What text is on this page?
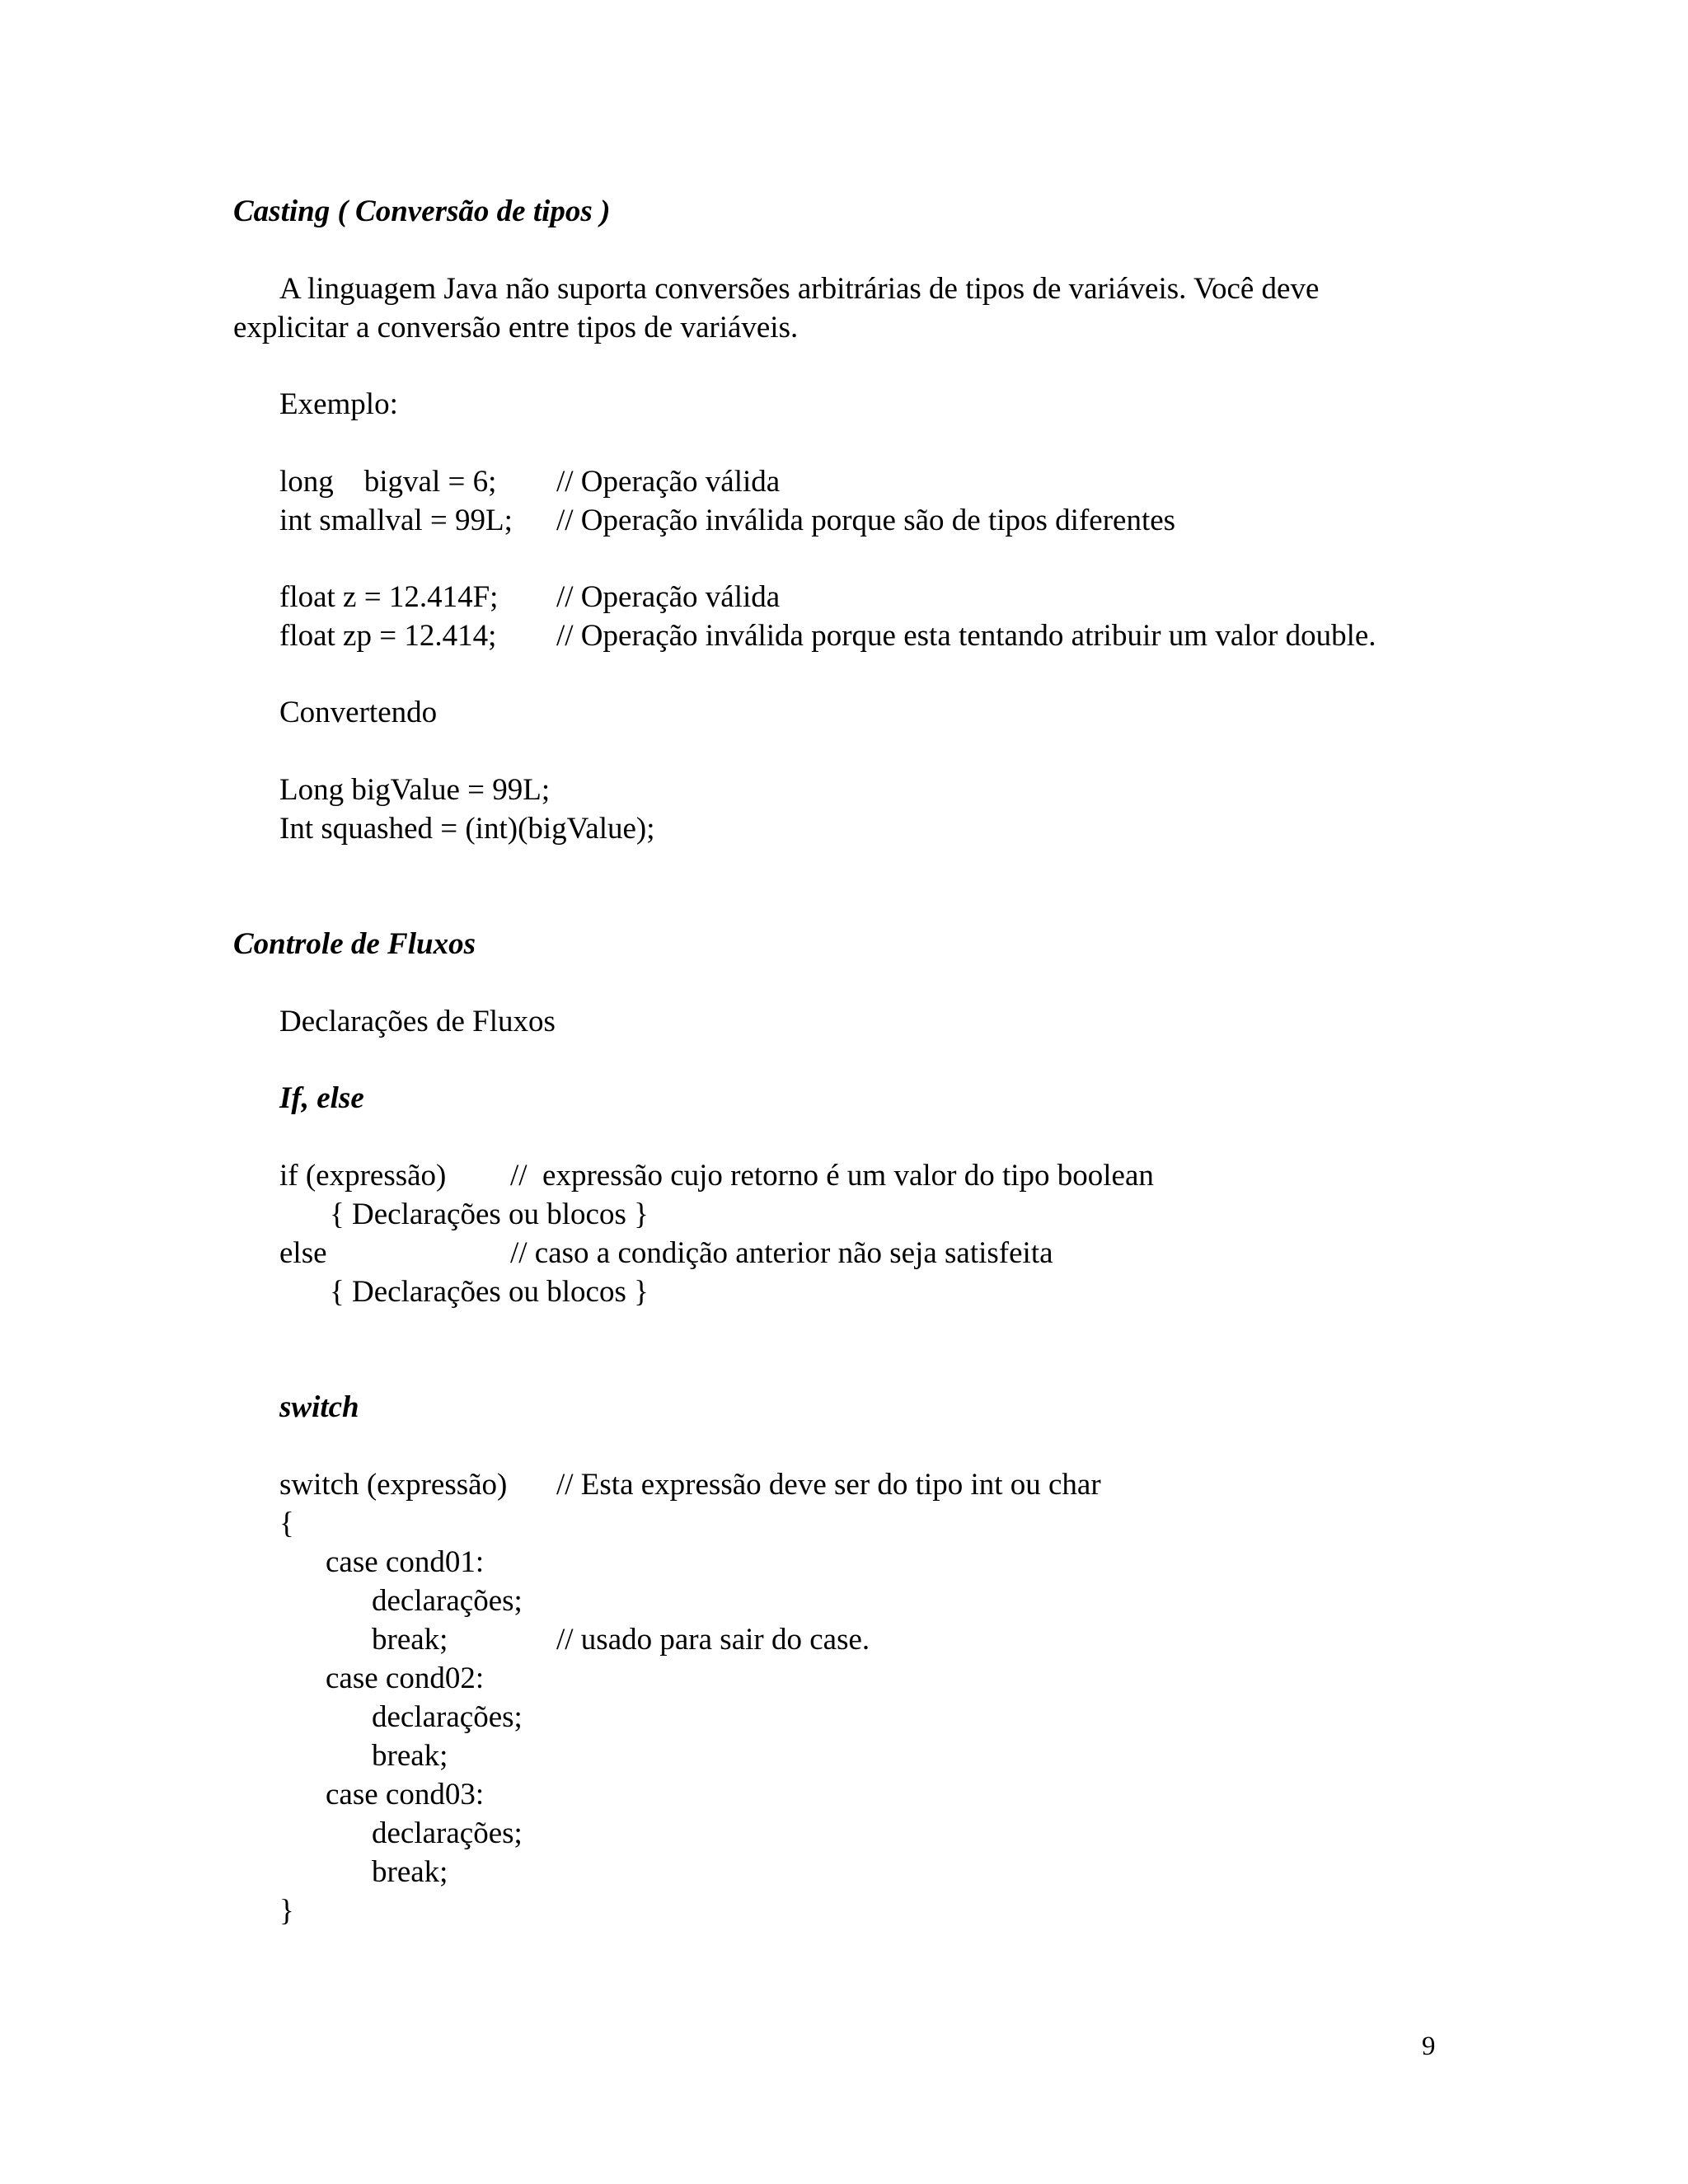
Casting ( Conversão de tipos )
A linguagem Java não suporta conversões arbitrárias de tipos de variáveis. Você deve
explicitar a conversão entre tipos de variáveis.
Exemplo:
long    bigval = 6; // Operação válida
int smallval = 99L; // Operação inválida porque são de tipos diferentes
float z = 12.414F; // Operação válida
float zp = 12.414; // Operação inválida porque esta tentando atribuir um valor double.
Convertendo
Long bigValue = 99L;
Int squashed = (int)(bigValue);
Controle de Fluxos
Declarações de Fluxos
If, else
if (expressão) //  expressão cujo retorno é um valor do tipo boolean
{ Declarações ou blocos }
else	// caso a condição anterior não seja satisfeita
{ Declarações ou blocos }
switch
switch (expressão) // Esta expressão deve ser do tipo int ou char
{
case cond01:
declarações;
break;	// usado para sair do case.
case cond02:
declarações;
break;
case cond03:
declarações;
break;
}
9
